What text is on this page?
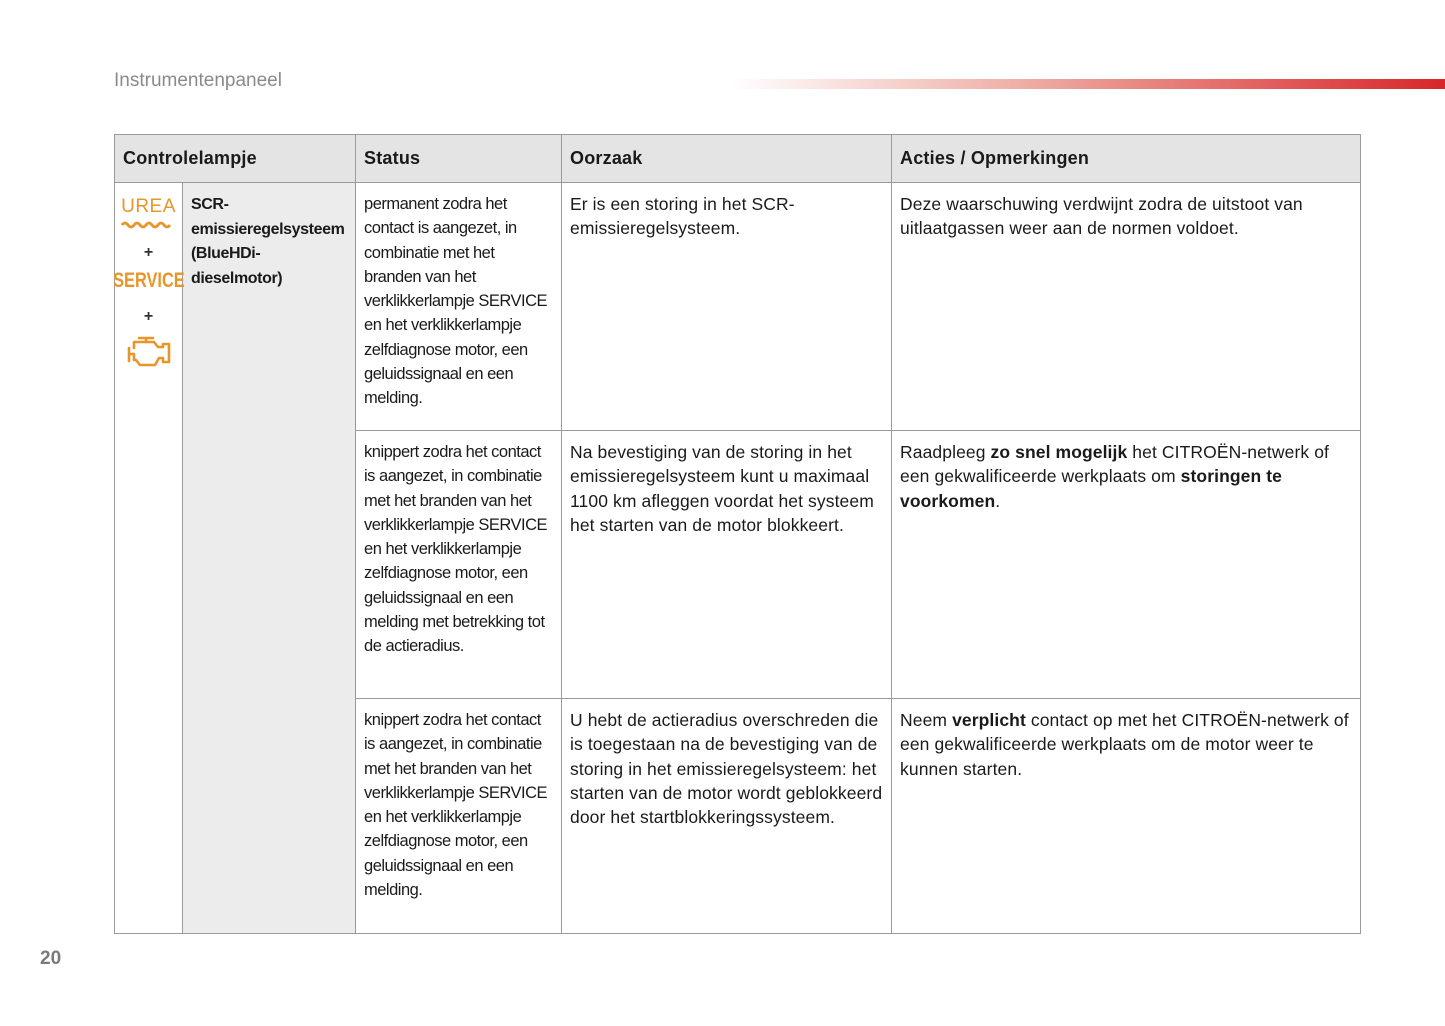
Instrumentenpaneel
Controlelampje		Status	Oorzaak	Acties / Opmerkingen

UREA
+
SERVICE
+	SCR-emissieregelsysteem (BlueHDi-dieselmotor)	permanent zodra het contact is aangezet, in combinatie met het branden van het verklikkerlampje SERVICE en het verklikkerlampje zelfdiagnose motor, een geluidssignaal en een melding.	Er is een storing in het SCR-emissieregelsysteem.	Deze waarschuwing verdwijnt zodra de uitstoot van uitlaatgassen weer aan de normen voldoet.
		knippert zodra het contact is aangezet, in combinatie met het branden van het verklikkerlampje SERVICE en het verklikkerlampje zelfdiagnose motor, een geluidssignaal en een melding met betrekking tot de actieradius.	Na bevestiging van de storing in het emissieregelsysteem kunt u maximaal 1100 km afleggen voordat het systeem het starten van de motor blokkeert.	Raadpleeg zo snel mogelijk het CITROËN-netwerk of een gekwalificeerde werkplaats om storingen te voorkomen.
		knippert zodra het contact is aangezet, in combinatie met het branden van het verklikkerlampje SERVICE en het verklikkerlampje zelfdiagnose motor, een geluidssignaal en een melding.	U hebt de actieradius overschreden die is toegestaan na de bevestiging van de storing in het emissieregelsysteem: het starten van de motor wordt geblokkeerd door het startblokkeringssysteem.	Neem verplicht contact op met het CITROËN-netwerk of een gekwalificeerde werkplaats om de motor weer te kunnen starten.
20
